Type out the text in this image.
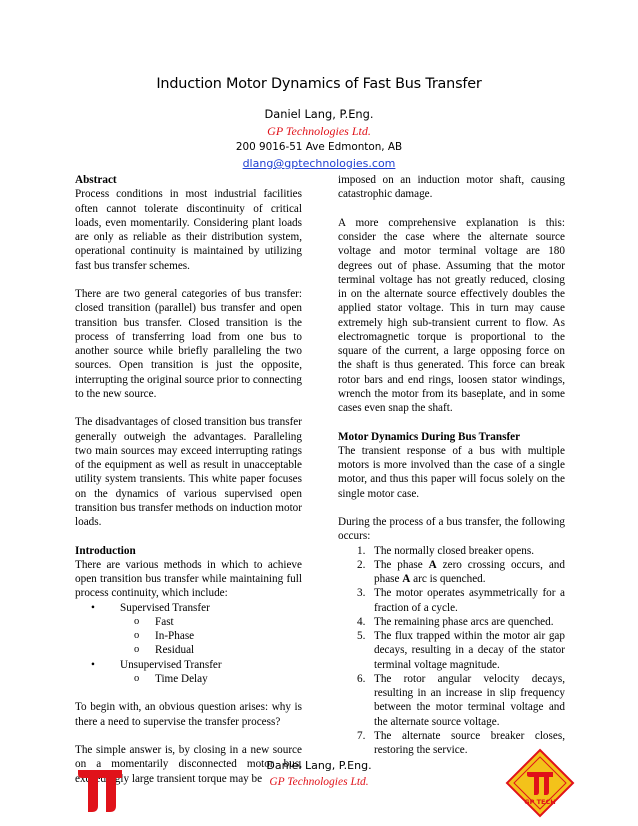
Induction Motor Dynamics of Fast Bus Transfer
Daniel Lang, P.Eng.
GP Technologies Ltd.
200 9016-51 Ave Edmonton, AB
dlang@gptechnologies.com

Abstract

Process conditions in most industrial facilities often cannot tolerate discontinuity of critical loads, even momentarily. Considering plant loads are only as reliable as their distribution system, operational continuity is maintained by utilizing fast bus transfer schemes.

There are two general categories of bus transfer: closed transition (parallel) bus transfer and open transition bus transfer. Closed transition is the process of transferring load from one bus to another source while briefly paralleling the two sources. Open transition is just the opposite, interrupting the original source prior to connecting to the new source.

The disadvantages of closed transition bus transfer generally outweigh the advantages. Paralleling two main sources may exceed interrupting ratings of the equipment as well as result in unacceptable utility system transients. This white paper focuses on the dynamics of various supervised open transition bus transfer methods on induction motor loads.

Introduction

There are various methods in which to achieve open transition bus transfer while maintaining full process continuity, which include:

• Supervised Transfer
o Fast
o In-Phase
o Residual
• Unsupervised Transfer
o Time Delay

To begin with, an obvious question arises: why is there a need to supervise the transfer process?

The simple answer is, by closing in a new source on a momentarily disconnected motor bus, exceedingly large transient torque may be

imposed on an induction motor shaft, causing catastrophic damage.

A more comprehensive explanation is this: consider the case where the alternate source voltage and motor terminal voltage are 180 degrees out of phase. Assuming that the motor terminal voltage has not greatly reduced, closing in on the alternate source effectively doubles the applied stator voltage. This in turn may cause extremely high sub-transient current to flow. As electromagnetic torque is proportional to the square of the current, a large opposing force on the shaft is thus generated. This force can break rotor bars and end rings, loosen stator windings, wrench the motor from its baseplate, and in some cases even snap the shaft.

Motor Dynamics During Bus Transfer

The transient response of a bus with multiple motors is more involved than the case of a single motor, and thus this paper will focus solely on the single motor case.

During the process of a bus transfer, the following occurs:

1. The normally closed breaker opens.
2. The phase A zero crossing occurs, and phase A arc is quenched.
3. The motor operates asymmetrically for a fraction of a cycle.
4. The remaining phase arcs are quenched.
5. The flux trapped within the motor air gap decays, resulting in a decay of the stator terminal voltage magnitude.
6. The rotor angular velocity decays, resulting in an increase in slip frequency between the motor terminal voltage and the alternate source voltage.
7. The alternate source breaker closes, restoring the service.
Daniel Lang, P.Eng.
GP Technologies Ltd.
GP TECH
